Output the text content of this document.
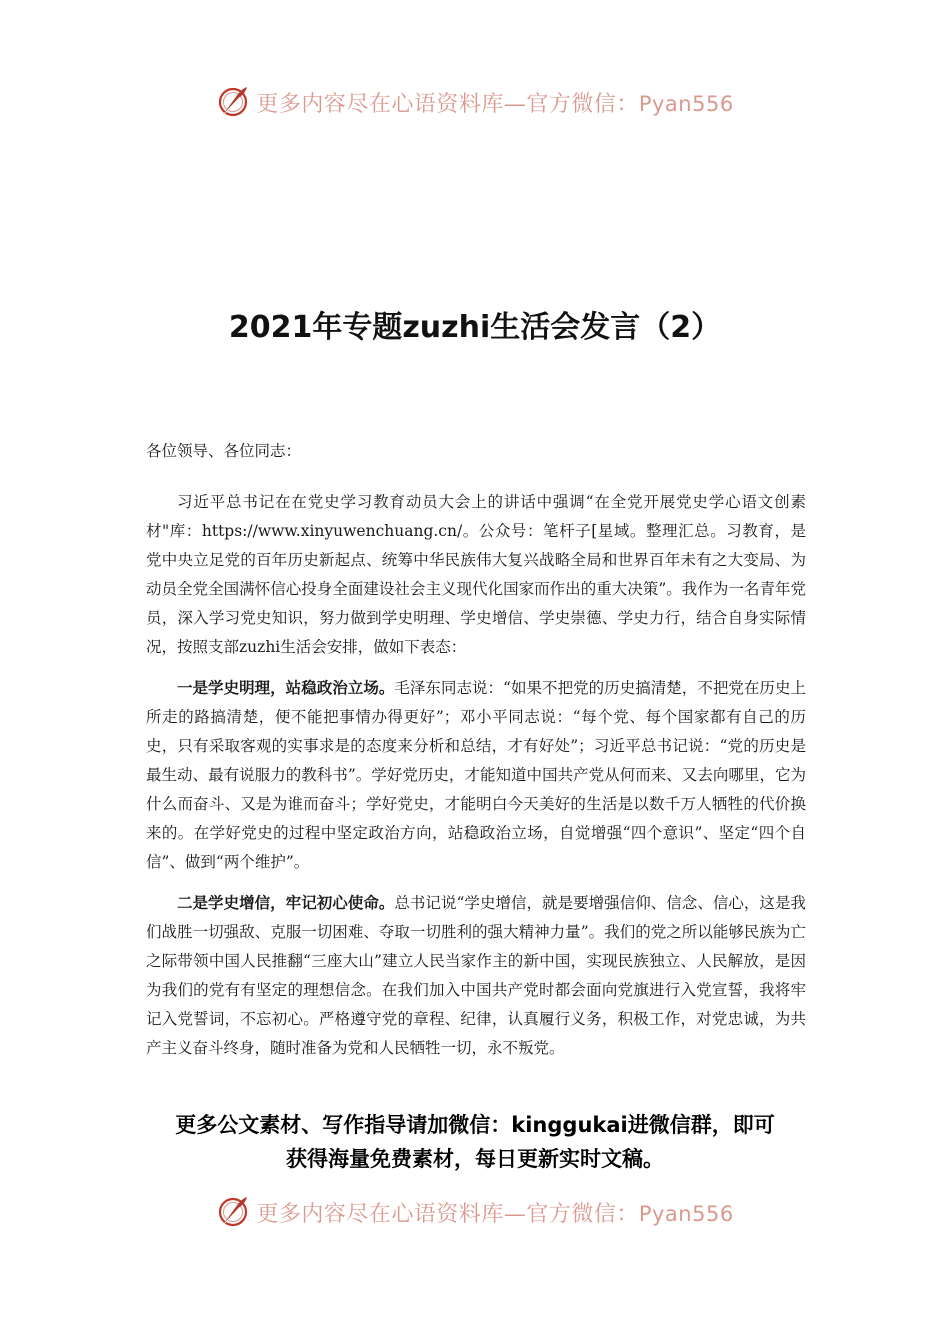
更多内容尽在心语资料库—官方微信：Pyan556
2021年专题zuzhi生活会发言（2）

各位领导、各位同志：

习近平总书记在在党史学习教育动员大会上的讲话中强调“在全党开展党史学心语文创素材"库：https://www.xinyuwenchuang.cn/。公众号：笔杆子[星域。整理汇总。习教育，是党中央立足党的百年历史新起点、统筹中华民族伟大复兴战略全局和世界百年未有之大变局、为动员全党全国满怀信心投身全面建设社会主义现代化国家而作出的重大决策”。我作为一名青年党员，深入学习党史知识，努力做到学史明理、学史增信、学史崇德、学史力行，结合自身实际情况，按照支部zuzhi生活会安排，做如下表态：

一是学史明理，站稳政治立场。毛泽东同志说：“如果不把党的历史搞清楚，不把党在历史上所走的路搞清楚，便不能把事情办得更好”；邓小平同志说：“每个党、每个国家都有自己的历史，只有采取客观的实事求是的态度来分析和总结，才有好处”；习近平总书记说：“党的历史是最生动、最有说服力的教科书”。学好党历史，才能知道中国共产党从何而来、又去向哪里，它为什么而奋斗、又是为谁而奋斗；学好党史，才能明白今天美好的生活是以数千万人牺牲的代价换来的。在学好党史的过程中坚定政治方向，站稳政治立场，自觉增强“四个意识”、坚定“四个自信”、做到“两个维护”。

二是学史增信，牢记初心使命。总书记说“学史增信，就是要增强信仰、信念、信心，这是我们战胜一切强敌、克服一切困难、夺取一切胜利的强大精神力量”。我们的党之所以能够民族为亡之际带领中国人民推翻“三座大山”建立人民当家作主的新中国，实现民族独立、人民解放，是因为我们的党有有坚定的理想信念。在我们加入中国共产党时都会面向党旗进行入党宣誓，我将牢记入党誓词，不忘初心。严格遵守党的章程、纪律，认真履行义务，积极工作，对党忠诚，为共产主义奋斗终身，随时准备为党和人民牺牲一切，永不叛党。

更多公文素材、写作指导请加微信：kinggukai进微信群，即可
获得海量免费素材，每日更新实时文稿。
更多内容尽在心语资料库—官方微信：Pyan556
